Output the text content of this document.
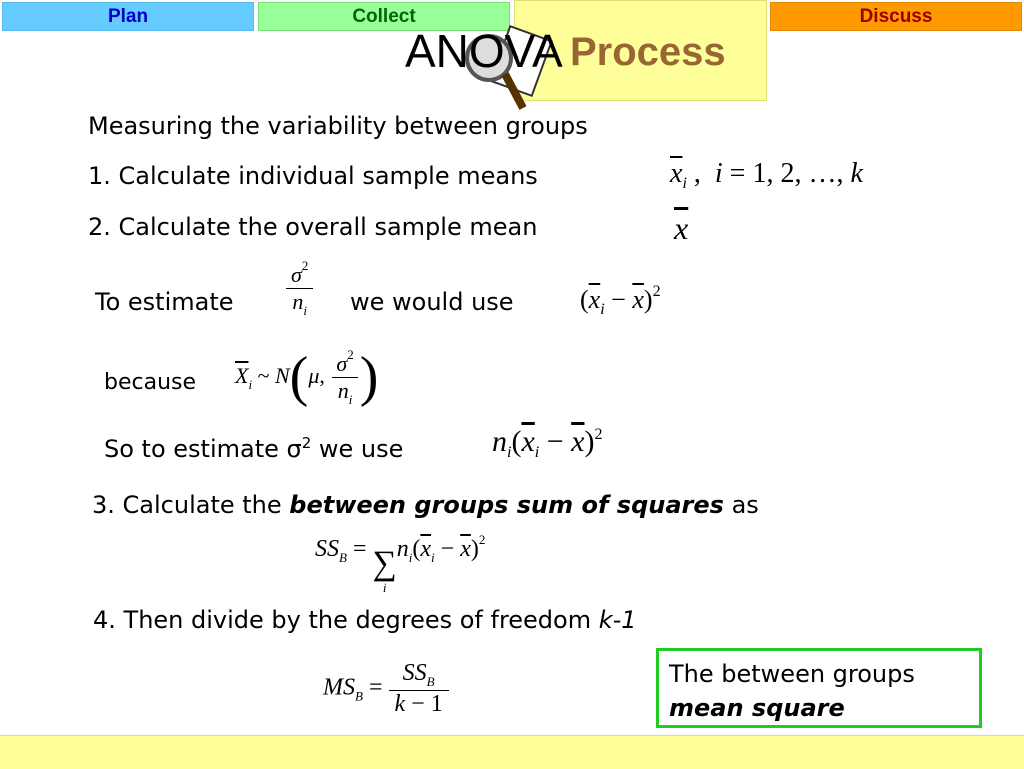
Plan	Collect	Discuss
Process
ANOVA
Measuring the variability between groups
1. Calculate individual sample means
2. Calculate the overall sample mean
$\overline{x}_i$ ,  i = 1, 2, …, k
$\overline{x}$
To estimate $\frac{\sigma^2}{n_i}$ we would use	$(\overline{x}_i - \overline{x})^2$
because $\overline{X}_i$ ~ N(μ, $\frac{\sigma^2}{n_i}$ )
So to estimate $\sigma^2$ we use	$n_i(\overline{x}_i - \overline{x})^2$
3. Calculate the between groups sum of squares as
$SS_B$ = ∑
i
$n_i(\overline{x}_i - \overline{x})^2$
4. Then divide by the degrees of freedom k-1
$MS_B = \frac{SS_B}{k - 1}$	The between groups
mean square
